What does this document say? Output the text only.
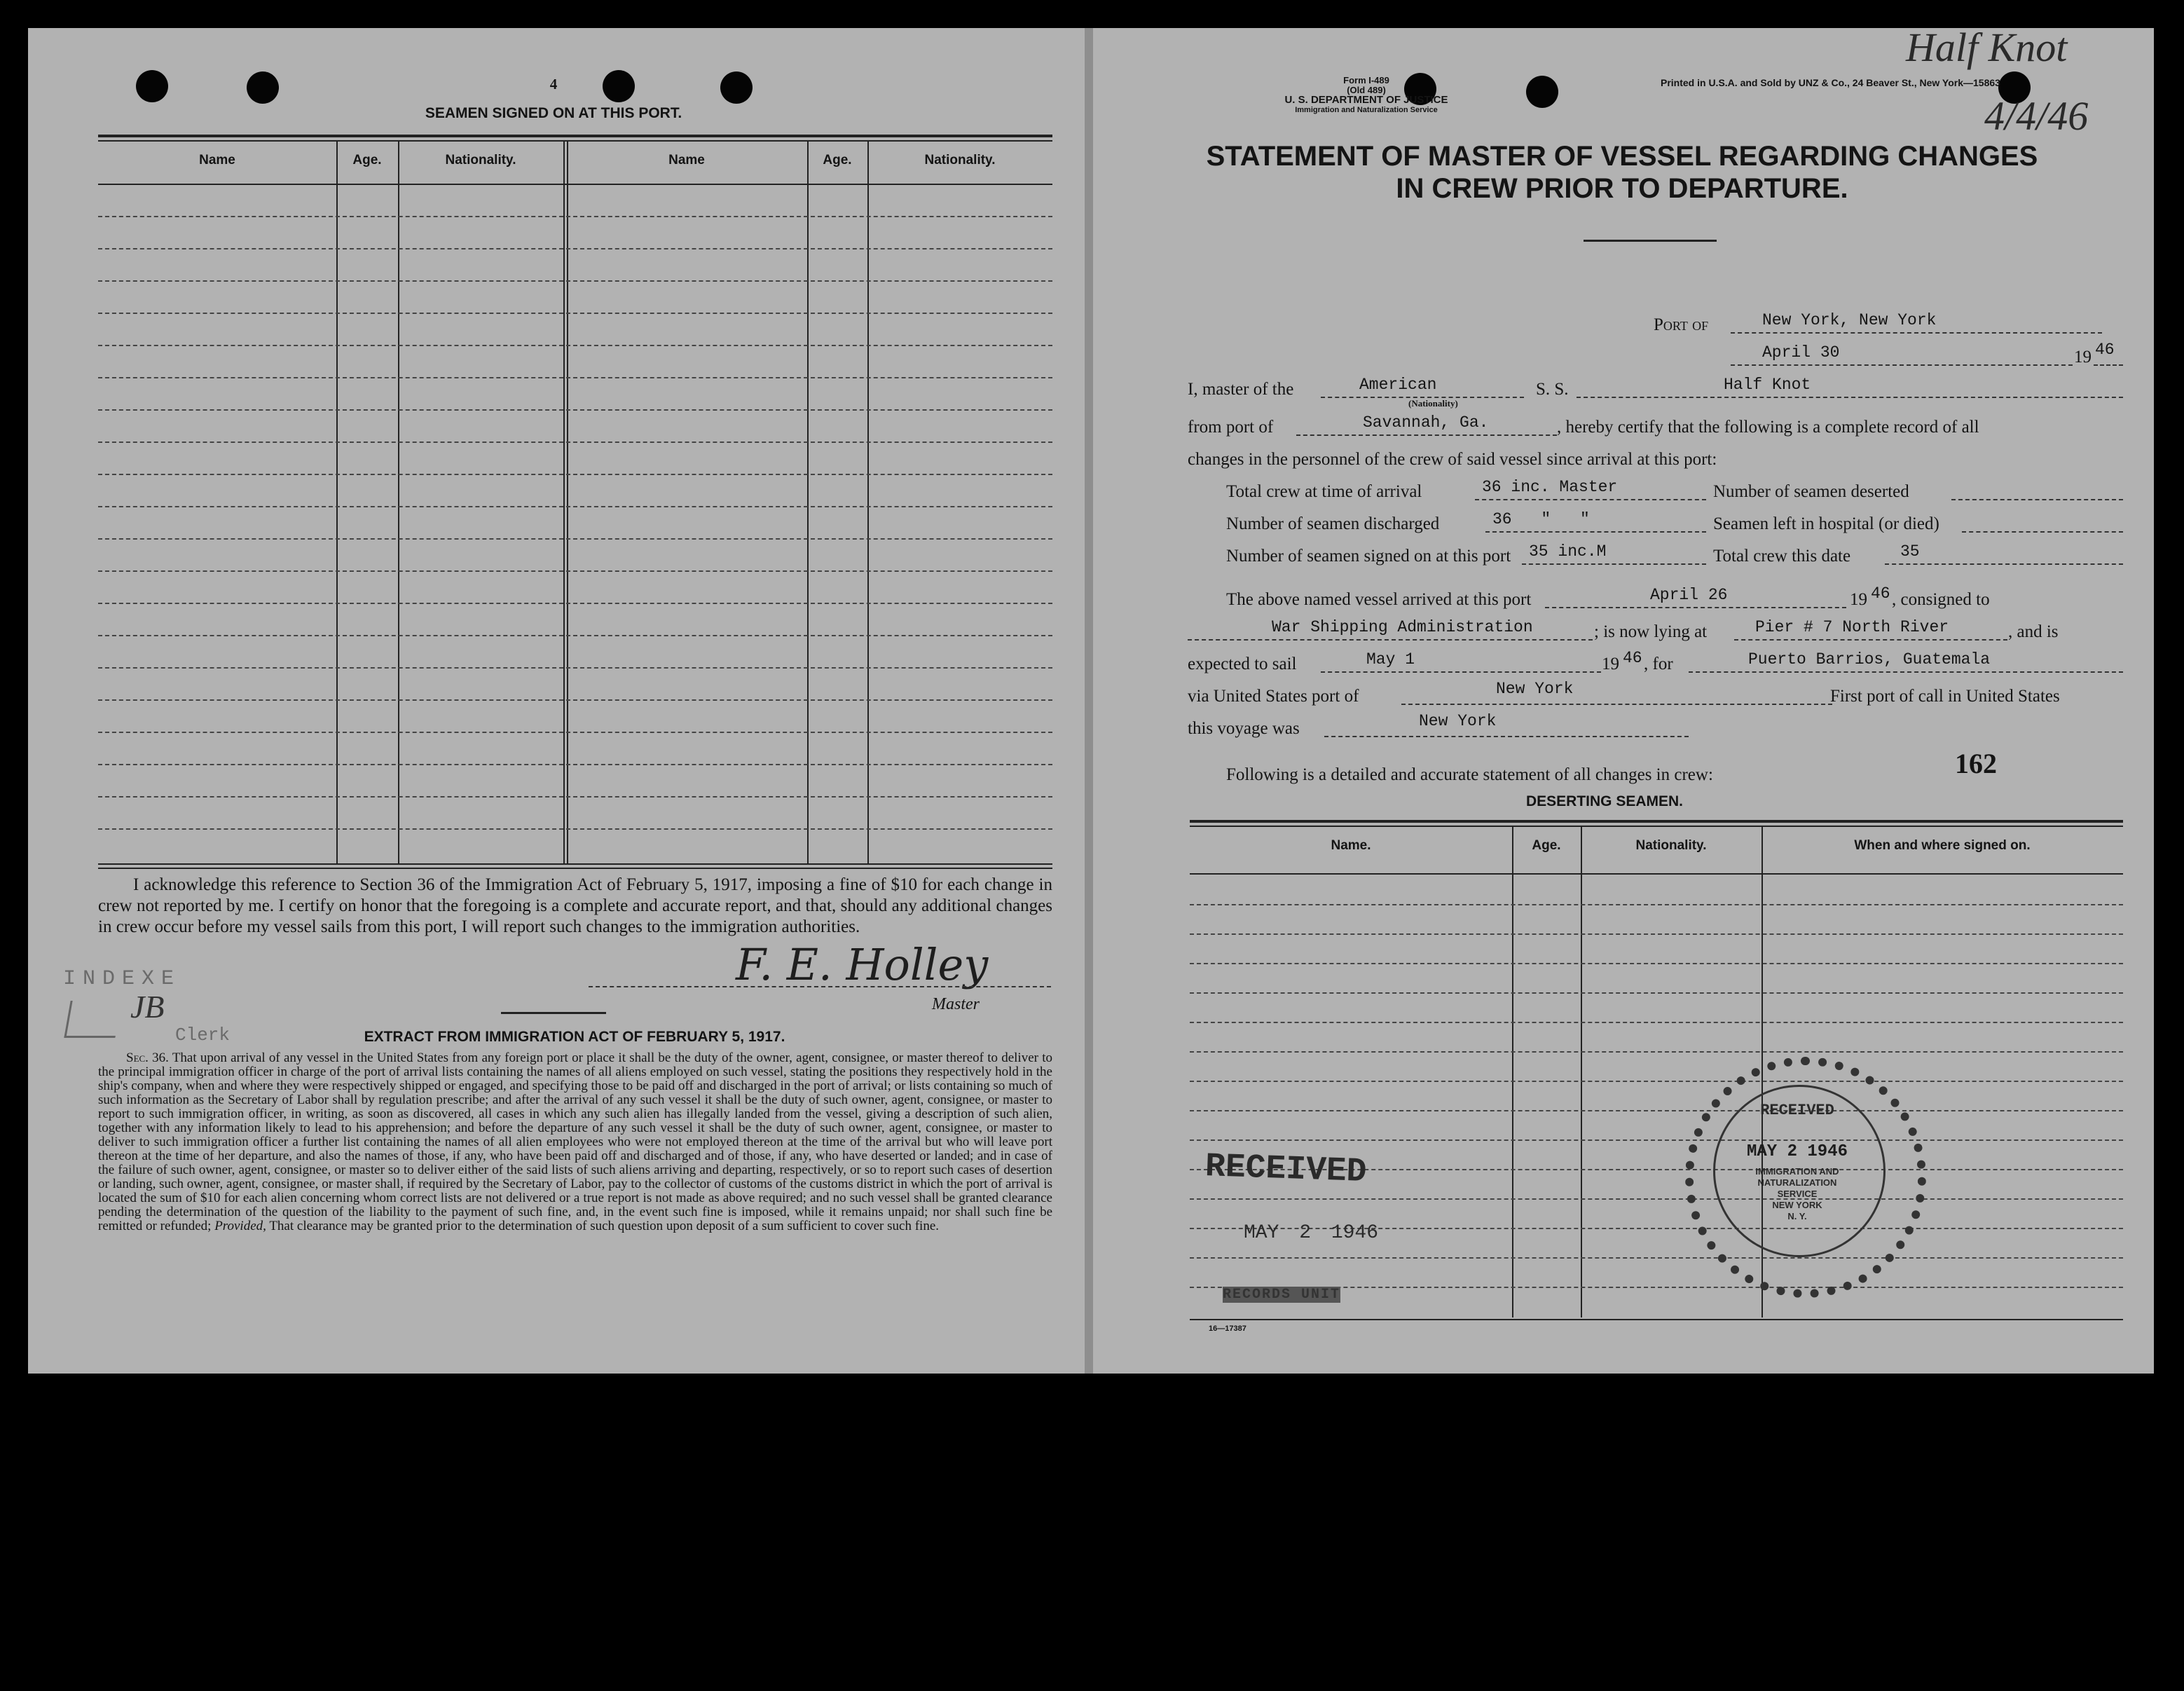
4
SEAMEN SIGNED ON AT THIS PORT.
Name	Age.	Nationality.	Name	Age.	Nationality.
I acknowledge this reference to Section 36 of the Immigration Act of February 5, 1917, imposing a fine of $10 for each change in crew not reported by me. I certify on honor that the foregoing is a complete and accurate report, and that, should any additional changes in crew occur before my vessel sails from this port, I will report such changes to the immigration authorities.
INDEXE
Clerk
JB
F. E. Holley
Master
EXTRACT FROM IMMIGRATION ACT OF FEBRUARY 5, 1917.
Sec. 36. That upon arrival of any vessel in the United States from any foreign port or place it shall be the duty of the owner, agent, consignee, or master thereof to deliver to the principal immigration officer in charge of the port of arrival lists containing the names of all aliens employed on such vessel, stating the positions they respectively hold in the ship's company, when and where they were respectively shipped or engaged, and specifying those to be paid off and discharged in the port of arrival; or lists containing so much of such information as the Secretary of Labor shall by regulation prescribe; and after the arrival of any such vessel it shall be the duty of such owner, agent, consignee, or master to report to such immigration officer, in writing, as soon as discovered, all cases in which any such alien has illegally landed from the vessel, giving a description of such alien, together with any information likely to lead to his apprehension; and before the departure of any such vessel it shall be the duty of such owner, agent, consignee, or master to deliver to such immigration officer a further list containing the names of all alien employees who were not employed thereon at the time of the arrival but who will leave port thereon at the time of her departure, and also the names of those, if any, who have been paid off and discharged and of those, if any, who have deserted or landed; and in case of the failure of such owner, agent, consignee, or master so to deliver either of the said lists of such aliens arriving and departing, respectively, or so to report such cases of desertion or landing, such owner, agent, consignee, or master shall, if required by the Secretary of Labor, pay to the collector of customs of the customs district in which the port of arrival is located the sum of $10 for each alien concerning whom correct lists are not delivered or a true report is not made as above required; and no such vessel shall be granted clearance pending the determination of the question of the liability to the payment of such fine, and, in the event such fine is imposed, while it remains unpaid; nor shall such fine be remitted or refunded; Provided, That clearance may be granted prior to the determination of such question upon deposit of a sum sufficient to cover such fine.
Form I-489
(Old 489)
U. S. DEPARTMENT OF JUSTICE
Immigration and Naturalization Service
Printed in U.S.A. and Sold by UNZ & Co., 24 Beaver St., New York—15863
Half Knot
4/4/46
STATEMENT OF MASTER OF VESSEL REGARDING CHANGES
IN CREW PRIOR TO DEPARTURE.
Port of	New York, New York
April 30	19 46
I, master of the	American
(Nationality)
S. S.	Half Knot
from port of	Savannah, Ga.	, hereby certify that the following is a complete record of all
changes in the personnel of the crew of said vessel since arrival at this port:
Total crew at time of arrival	36 inc. Master	Number of seamen deserted
Number of seamen discharged	36 " "	Seamen left in hospital (or died)
Number of seamen signed on at this port 35 inc.M	Total crew this date	35
The above named vessel arrived at this port	April 26	19 46 , consigned to
War Shipping Administration	; is now lying at	Pier # 7 North River	, and is
expected to sail	May 1	19 46 , for	Puerto Barrios, Guatemala
via United States port of	New York	First port of call in United States
this voyage was	New York
Following is a detailed and accurate statement of all changes in crew:	162
DESERTING SEAMEN.
Name.	Age.	Nationality.	When and where signed on.
RECEIVED
MAY 2 1946
RECORDS UNIT
RECEIVED
MAY 2 1946
IMMIGRATION AND
NATURALIZATION
SERVICE
NEW YORK
N. Y.
16—17387
